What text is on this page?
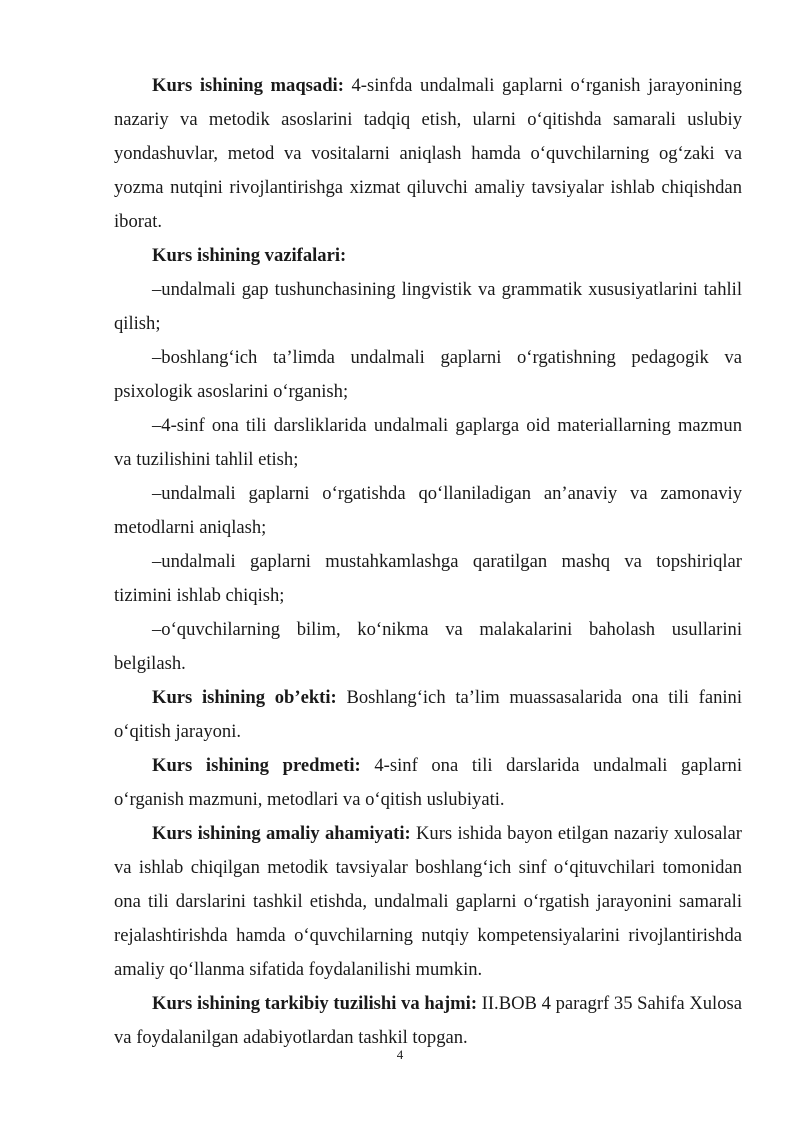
Kurs ishining maqsadi: 4-sinfda undalmali gaplarni o‘rganish jarayonining nazariy va metodik asoslarini tadqiq etish, ularni o‘qitishda samarali uslubiy yondashuvlar, metod va vositalarni aniqlash hamda o‘quvchilarning og‘zaki va yozma nutqini rivojlantirishga xizmat qiluvchi amaliy tavsiyalar ishlab chiqishdan iborat.

Kurs ishining vazifalari:

–undalmali gap tushunchasining lingvistik va grammatik xususiyatlarini tahlil qilish;

–boshlang‘ich ta’limda undalmali gaplarni o‘rgatishning pedagogik va psixologik asoslarini o‘rganish;

–4-sinf ona tili darsliklarida undalmali gaplarga oid materiallarning mazmun va tuzilishini tahlil etish;

–undalmali gaplarni o‘rgatishda qo‘llaniladigan an’anaviy va zamonaviy metodlarni aniqlash;

–undalmali gaplarni mustahkamlashga qaratilgan mashq va topshiriqlar tizimini ishlab chiqish;

–o‘quvchilarning bilim, ko‘nikma va malakalarini baholash usullarini belgilash.

Kurs ishining ob’ekti: Boshlang‘ich ta’lim muassasalarida ona tili fanini o‘qitish jarayoni.

Kurs ishining predmeti: 4-sinf ona tili darslarida undalmali gaplarni o‘rganish mazmuni, metodlari va o‘qitish uslubiyati.

Kurs ishining amaliy ahamiyati: Kurs ishida bayon etilgan nazariy xulosalar va ishlab chiqilgan metodik tavsiyalar boshlang‘ich sinf o‘qituvchilari tomonidan ona tili darslarini tashkil etishda, undalmali gaplarni o‘rgatish jarayonini samarali rejalashtirishda hamda o‘quvchilarning nutqiy kompetensiyalarini rivojlantirishda amaliy qo‘llanma sifatida foydalanilishi mumkin.

Kurs ishining tarkibiy tuzilishi va hajmi: II.BOB 4 paragrf 35 Sahifa Xulosa va foydalanilgan adabiyotlardan tashkil topgan.

4
